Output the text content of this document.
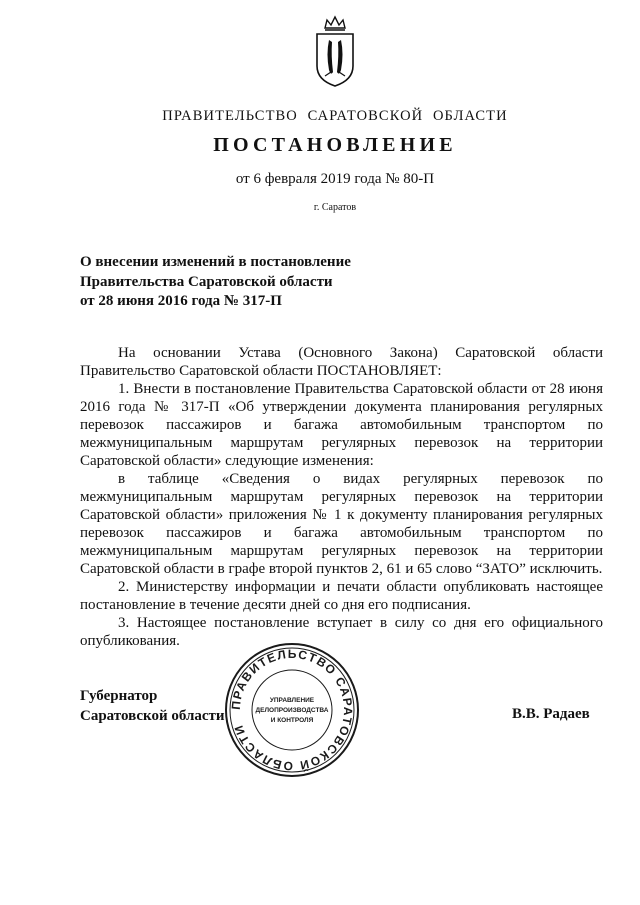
ПРАВИТЕЛЬСТВО САРАТОВСКОЙ ОБЛАСТИ
ПОСТАНОВЛЕНИЕ
от 6 февраля 2019 года № 80-П
г. Саратов
О внесении изменений в постановление
Правительства Саратовской области
от 28 июня 2016 года № 317-П

На основании Устава (Основного Закона) Саратовской области Правительство Саратовской области ПОСТАНОВЛЯЕТ:

1. Внести в постановление Правительства Саратовской области от 28 июня 2016 года № 317-П «Об утверждении документа планирования регулярных перевозок пассажиров и багажа автомобильным транспортом по межмуниципальным маршрутам регулярных перевозок на территории Саратовской области» следующие изменения:

в таблице «Сведения о видах регулярных перевозок по межмуниципальным маршрутам регулярных перевозок на территории Саратовской области» приложения № 1 к документу планирования регулярных перевозок пассажиров и багажа автомобильным транспортом по межмуниципальным маршрутам регулярных перевозок на территории Саратовской области в графе второй пунктов 2, 61 и 65 слово “ЗАТО” исключить.

2. Министерству информации и печати области опубликовать настоящее постановление в течение десяти дней со дня его подписания.

3. Настоящее постановление вступает в силу со дня его официального опубликования.

Губернатор
Саратовской области	В.В. Радаев
ПРАВИТЕЛЬСТВО САРАТОВСКОЙ ОБЛАСТИ
УПРАВЛЕНИЕ
ДЕЛОПРОИЗВОДСТВА
И КОНТРОЛЯ
